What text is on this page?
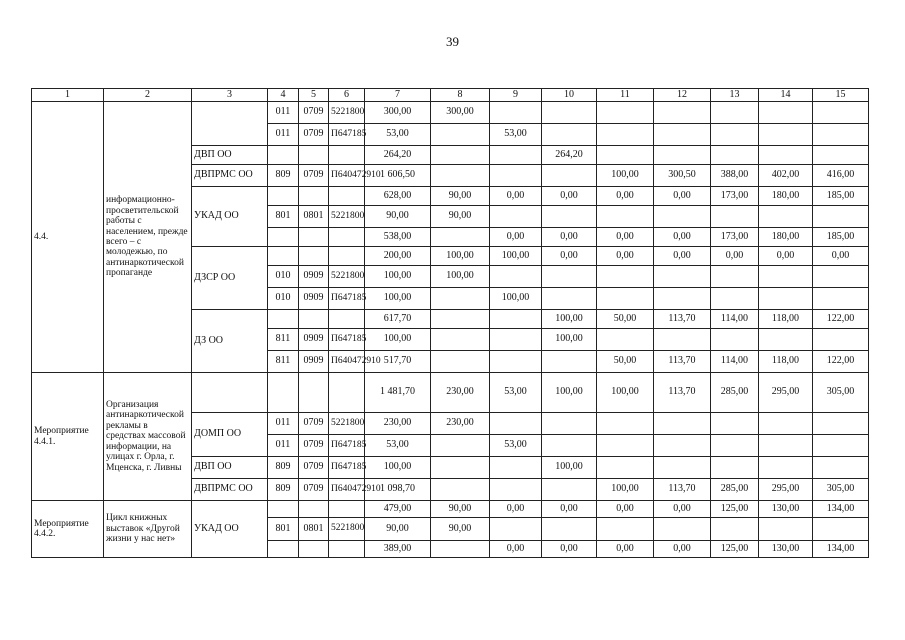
39
1	2	3	4	5	6	7	8	9	10	11	12	13	14	15
4.4.	информационно-просветительской работы с населением, прежде всего – с молодежью, по антинаркотической пропаганде		011	0709	5221800	300,00	300,00							
			011	0709	П647185	53,00		53,00						
		ДВП ОО				264,20			264,20					
		ДВПРМС ОО	809	0709	П640472910	1 606,50				100,00	300,50	388,00	402,00	416,00
		УКАД ОО				628,00	90,00	0,00	0,00	0,00	0,00	173,00	180,00	185,00
			801	0801	5221800	90,00	90,00							
						538,00		0,00	0,00	0,00	0,00	173,00	180,00	185,00
		ДЗСР ОО				200,00	100,00	100,00	0,00	0,00	0,00	0,00	0,00	0,00
			010	0909	5221800	100,00	100,00							
			010	0909	П647185	100,00		100,00						
		ДЗ ОО				617,70			100,00	50,00	113,70	114,00	118,00	122,00
			811	0909	П647185	100,00			100,00					
			811	0909	П640472910	517,70				50,00	113,70	114,00	118,00	122,00
Мероприятие 4.4.1.	Организация антинаркотической рекламы в средствах массовой информации, на улицах г. Орла, г. Мценска, г. Ливны					1 481,70	230,00	53,00	100,00	100,00	113,70	285,00	295,00	305,00
		ДОМП ОО	011	0709	5221800	230,00	230,00							
			011	0709	П647185	53,00		53,00						
		ДВП ОО	809	0709	П647185	100,00			100,00					
		ДВПРМС ОО	809	0709	П640472910	1 098,70				100,00	113,70	285,00	295,00	305,00
Мероприятие 4.4.2.	Цикл книжных выставок «Другой жизни у нас нет»	УКАД ОО				479,00	90,00	0,00	0,00	0,00	0,00	125,00	130,00	134,00
			801	0801	5221800	90,00	90,00							
						389,00		0,00	0,00	0,00	0,00	125,00	130,00	134,00
